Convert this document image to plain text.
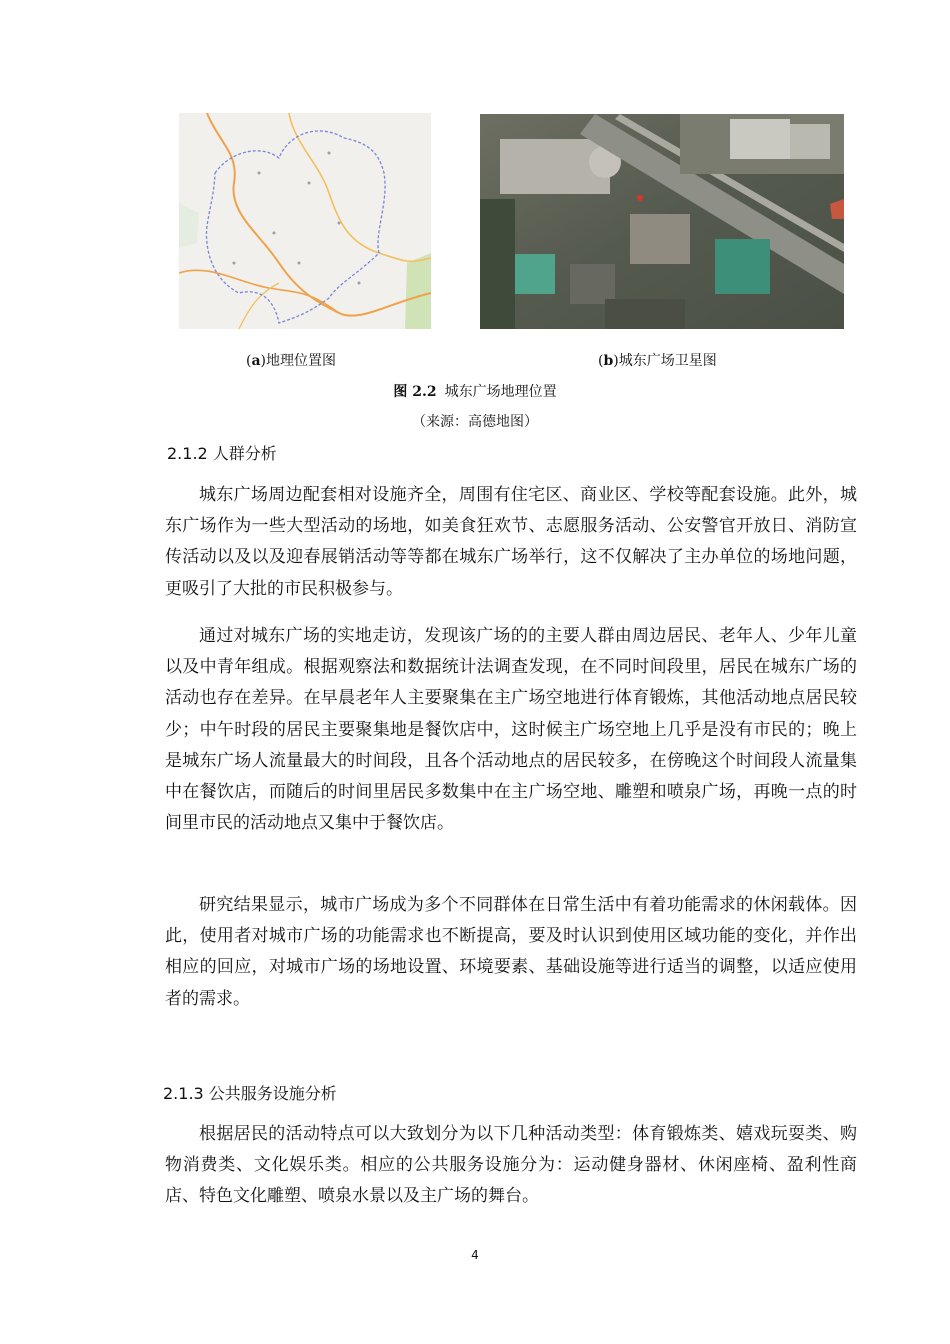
(a)地理位置图	(b)城东广场卫星图
图 2.2 城东广场地理位置
（来源：高德地图）
2.1.2 人群分析

城东广场周边配套相对设施齐全，周围有住宅区、商业区、学校等配套设施。此外，城东广场作为一些大型活动的场地，如美食狂欢节、志愿服务活动、公安警官开放日、消防宣传活动以及以及迎春展销活动等等都在城东广场举行，这不仅解决了主办单位的场地问题，更吸引了大批的市民积极参与。

通过对城东广场的实地走访，发现该广场的的主要人群由周边居民、老年人、少年儿童以及中青年组成。根据观察法和数据统计法调查发现，在不同时间段里，居民在城东广场的活动也存在差异。在早晨老年人主要聚集在主广场空地进行体育锻炼，其他活动地点居民较少；中午时段的居民主要聚集地是餐饮店中，这时候主广场空地上几乎是没有市民的；晚上是城东广场人流量最大的时间段，且各个活动地点的居民较多，在傍晚这个时间段人流量集中在餐饮店，而随后的时间里居民多数集中在主广场空地、雕塑和喷泉广场，再晚一点的时间里市民的活动地点又集中于餐饮店。

研究结果显示，城市广场成为多个不同群体在日常生活中有着功能需求的休闲载体。因此，使用者对城市广场的功能需求也不断提高，要及时认识到使用区域功能的变化，并作出相应的回应，对城市广场的场地设置、环境要素、基础设施等进行适当的调整，以适应使用者的需求。

2.1.3 公共服务设施分析

根据居民的活动特点可以大致划分为以下几种活动类型：体育锻炼类、嬉戏玩耍类、购物消费类、文化娱乐类。相应的公共服务设施分为：运动健身器材、休闲座椅、盈利性商店、特色文化雕塑、喷泉水景以及主广场的舞台。

4
